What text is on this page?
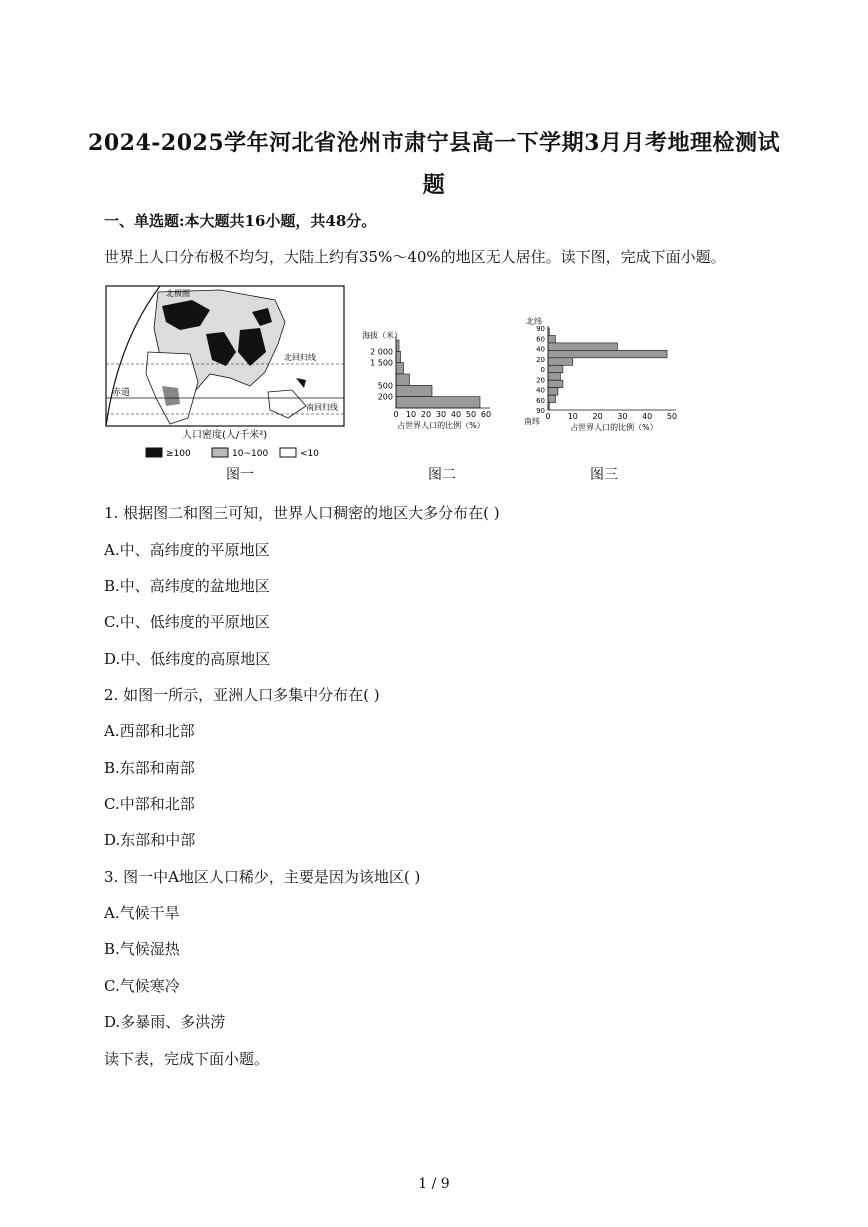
2024-2025学年河北省沧州市肃宁县高一下学期3月月考地理检测试
题
一、单选题:本大题共16小题，共48分。
世界上人口分布极不均匀，大陆上约有35%～40%的地区无人居住。读下图，完成下面小题。
赤道
北回归线
南回归线
北极圈
人口密度(人/千米²)
≥100	10~100	<10
图一
海拔（米）
2 000
1 500
500
200
0 10 20 30 40 50 60
占世界人口的比例（%）
图二
北纬
南纬
90
60
40
20
0
20
40
60
90
0 10 20 30 40 50
占世界人口的比例（%）
图三
1. 根据图二和图三可知，世界人口稠密的地区大多分布在( )
A.中、高纬度的平原地区
B.中、高纬度的盆地地区
C.中、低纬度的平原地区
D.中、低纬度的高原地区
2. 如图一所示，亚洲人口多集中分布在( )
A.西部和北部
B.东部和南部
C.中部和北部
D.东部和中部
3. 图一中A地区人口稀少，主要是因为该地区( )
A.气候干旱
B.气候湿热
C.气候寒冷
D.多暴雨、多洪涝
读下表，完成下面小题。
1 / 9
